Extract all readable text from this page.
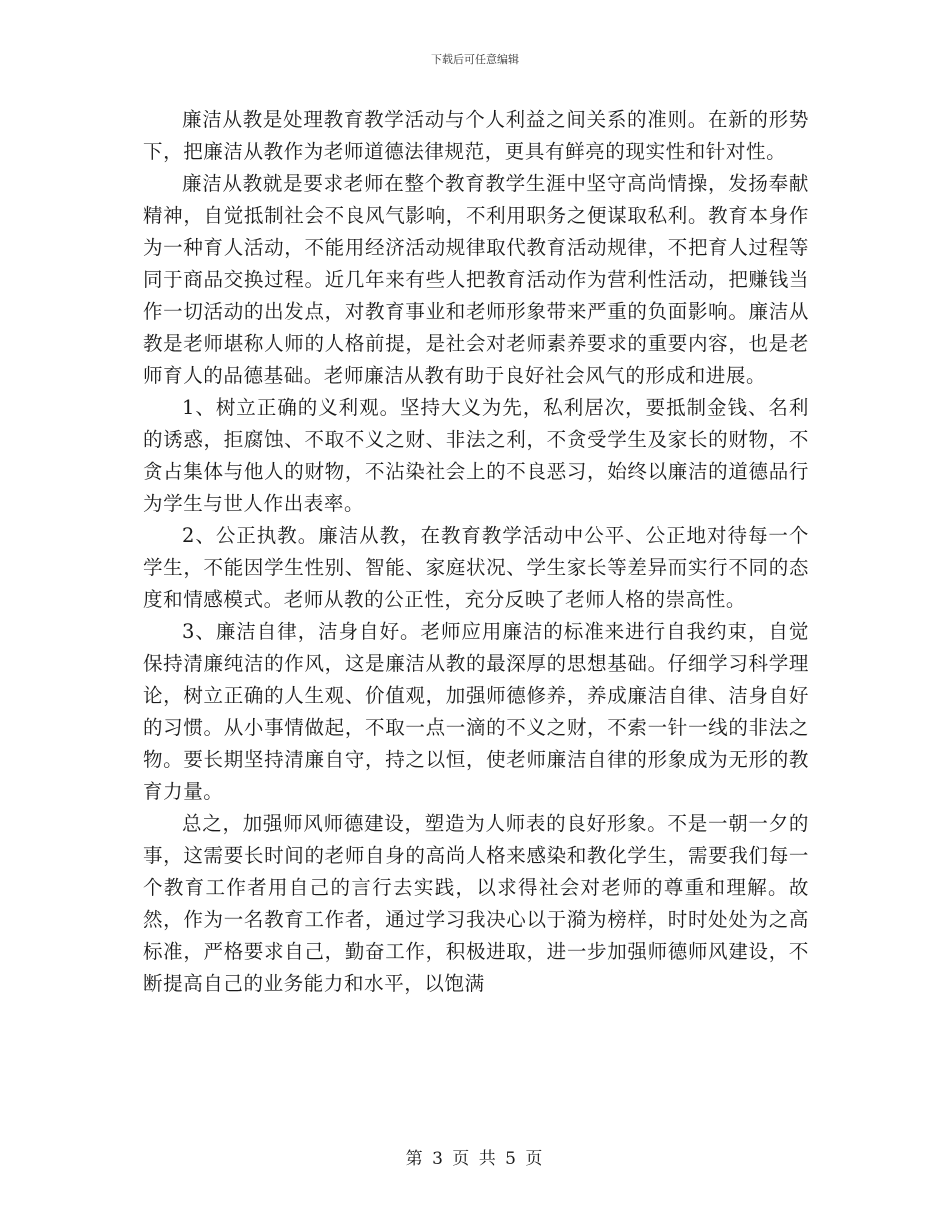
下载后可任意编辑

廉洁从教是处理教育教学活动与个人利益之间关系的准则。在新的形势下，把廉洁从教作为老师道德法律规范，更具有鲜亮的现实性和针对性。

廉洁从教就是要求老师在整个教育教学生涯中坚守高尚情操，发扬奉献精神，自觉抵制社会不良风气影响，不利用职务之便谋取私利。教育本身作为一种育人活动，不能用经济活动规律取代教育活动规律，不把育人过程等同于商品交换过程。近几年来有些人把教育活动作为营利性活动，把赚钱当作一切活动的出发点，对教育事业和老师形象带来严重的负面影响。廉洁从教是老师堪称人师的人格前提，是社会对老师素养要求的重要内容，也是老师育人的品德基础。老师廉洁从教有助于良好社会风气的形成和进展。

1、树立正确的义利观。坚持大义为先，私利居次，要抵制金钱、名利的诱惑，拒腐蚀、不取不义之财、非法之利，不贪受学生及家长的财物，不贪占集体与他人的财物，不沾染社会上的不良恶习，始终以廉洁的道德品行为学生与世人作出表率。

2、公正执教。廉洁从教，在教育教学活动中公平、公正地对待每一个学生，不能因学生性别、智能、家庭状况、学生家长等差异而实行不同的态度和情感模式。老师从教的公正性，充分反映了老师人格的崇高性。

3、廉洁自律，洁身自好。老师应用廉洁的标准来进行自我约束，自觉保持清廉纯洁的作风，这是廉洁从教的最深厚的思想基础。仔细学习科学理论，树立正确的人生观、价值观，加强师德修养，养成廉洁自律、洁身自好的习惯。从小事情做起，不取一点一滴的不义之财，不索一针一线的非法之物。要长期坚持清廉自守，持之以恒，使老师廉洁自律的形象成为无形的教育力量。

总之，加强师风师德建设，塑造为人师表的良好形象。不是一朝一夕的事，这需要长时间的老师自身的高尚人格来感染和教化学生，需要我们每一个教育工作者用自己的言行去实践，以求得社会对老师的尊重和理解。故然，作为一名教育工作者，通过学习我决心以于漪为榜样，时时处处为之高标准，严格要求自己，勤奋工作，积极进取，进一步加强师德师风建设，不断提高自己的业务能力和水平，以饱满

第 3 页 共 5 页
